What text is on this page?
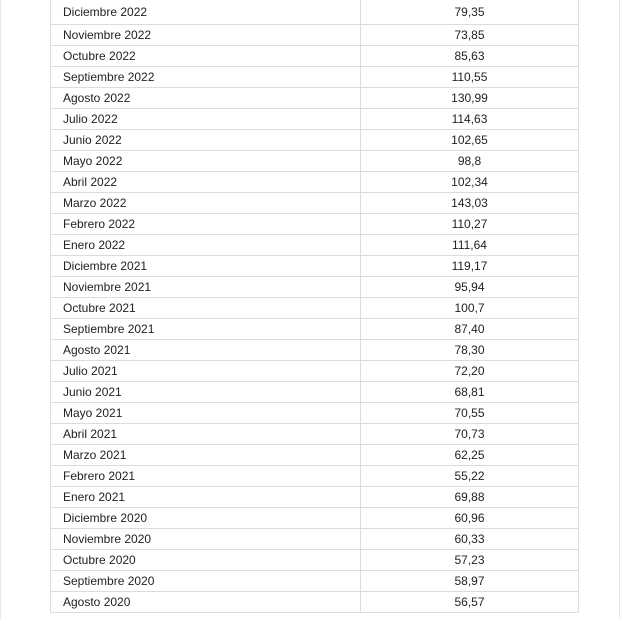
Diciembre 2022	79,35
Noviembre 2022	73,85
Octubre 2022	85,63
Septiembre 2022	110,55
Agosto 2022	130,99
Julio 2022	114,63
Junio 2022	102,65
Mayo 2022	98,8
Abril 2022	102,34
Marzo 2022	143,03
Febrero 2022	110,27
Enero 2022	111,64
Diciembre 2021	119,17
Noviembre 2021	95,94
Octubre 2021	100,7
Septiembre 2021	87,40
Agosto 2021	78,30
Julio 2021	72,20
Junio 2021	68,81
Mayo 2021	70,55
Abril 2021	70,73
Marzo 2021	62,25
Febrero 2021	55,22
Enero 2021	69,88
Diciembre 2020	60,96
Noviembre 2020	60,33
Octubre 2020	57,23
Septiembre 2020	58,97
Agosto 2020	56,57
